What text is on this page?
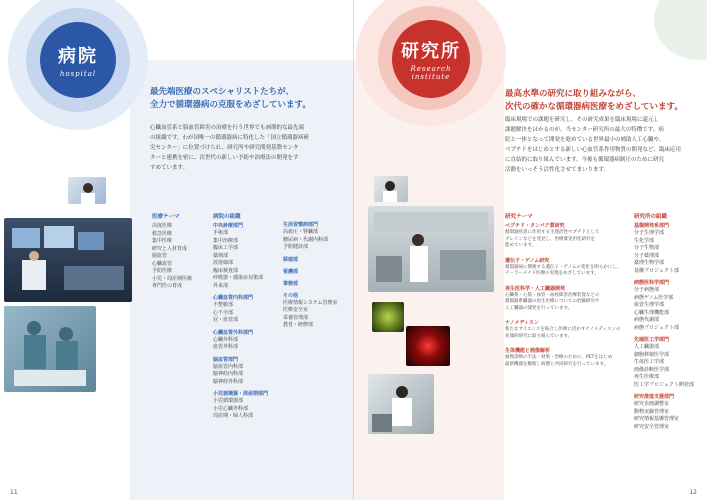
病院
hospital
最先端医療のスペシャリストたちが、
全力で循環器病の克服をめざしています。
心臓血管系と脳血管障害の治療を行う世界でも画期的な最先端
の組織です。わが国唯一の循環器病に特化した「国立循環器病研
究センター」に位置づけられ、研究所や研究開発基盤センタ
ターと連携を密に、次世代の新しい予防や治療法の開発をす
すめています。
医療テーマ
高度医療
救急医療
集中医療
研究と人材育成
脳血管
心臓血管
予防医療
小児・周産期医療
専門医の育成
病院の組織
中央診療部門
手術部
集中治療部
臨床工学部
薬剤部
放射線部
臨床検査部
呼吸器・感染症対策部
外来部
心臓血管内科部門
不整脈部
心不全部
冠・血管部
心臓血管外科部門
心臓外科部
血管外科部
脳血管部門
脳血管内科部
脳神経内科部
脳神経外科部
小児循環器・周産期部門
小児循環器部
小児心臓外科部
周産期・婦人科部
生活習慣病部門
高血圧・腎臓部
糖尿病・代謝内科部
予防健診部
移植部
看護部
事務部
その他
医療情報システム管理室
医療安全室
栄養管理部
教育・研修部
11
研究所
Research institute
最高水準の研究に取り組みながら、
次代の確かな循環器病医療をめざしています。
臨床現場での課題を研究し、その研究成果を臨床現場に還元し
課題解決をはかるのが、当センター研究所の最大の特徴です。病
院と一体となって開発を進めている世界最小の補助人工心臓や、
ペプチドをはじめとする新しい心血管系作用物質の開発など、臨床応用
に直結的に取り組んでいます。今後も循環器病制圧のために研究
活動をいっそう活性化させてまいります。
研究テーマ
ペプチド・タンパク質研究
循環器疾患に作用する生理活性ペプチドとして
グレリンなどを発見し、治療薬実用化研究を
進めています。
遺伝子・ゲノム研究
循環器病に関連する遺伝子・ゲノムの変化を明らかにし、
テーラーメイド医療の実現をめざしています。
再生医科学・人工臓器開発
心臓系・心筋・血管・血栓障害治療装置などの
循環器系臓器の再生医療についての治験研究や
人工臓器の開発を行っています。
ナノメディスン
新たなサイエンスを統合し医療に活かすナノメディスンの
先端的研究に取り組んでいます。
生体機能と画像解析
画像診断の手法・効果・治療のために、PETをはじめ
最新機器を駆使し病態と共同研究を行っています。
研究所の組織
基盤開発系部門
分子生理学部
生化学部
分子生物部
分子薬理部
薬理生物学部
基盤プロジェクト部
病態医科学部門
分子病態部
病態ゲノム医学部
血管生理学部
心臓生理機能部
病態代謝部
病態プロジェクト部
先端医工学部門
人工臓器部
細胞移植医学部
生体医工学部
画像診断医学部
再生医療部
医工学プロジェクト開発部
研究推進支援部門
研究企画調整室
動物実験管理室
研究情報基盤管理室
研究安全管理室
12
